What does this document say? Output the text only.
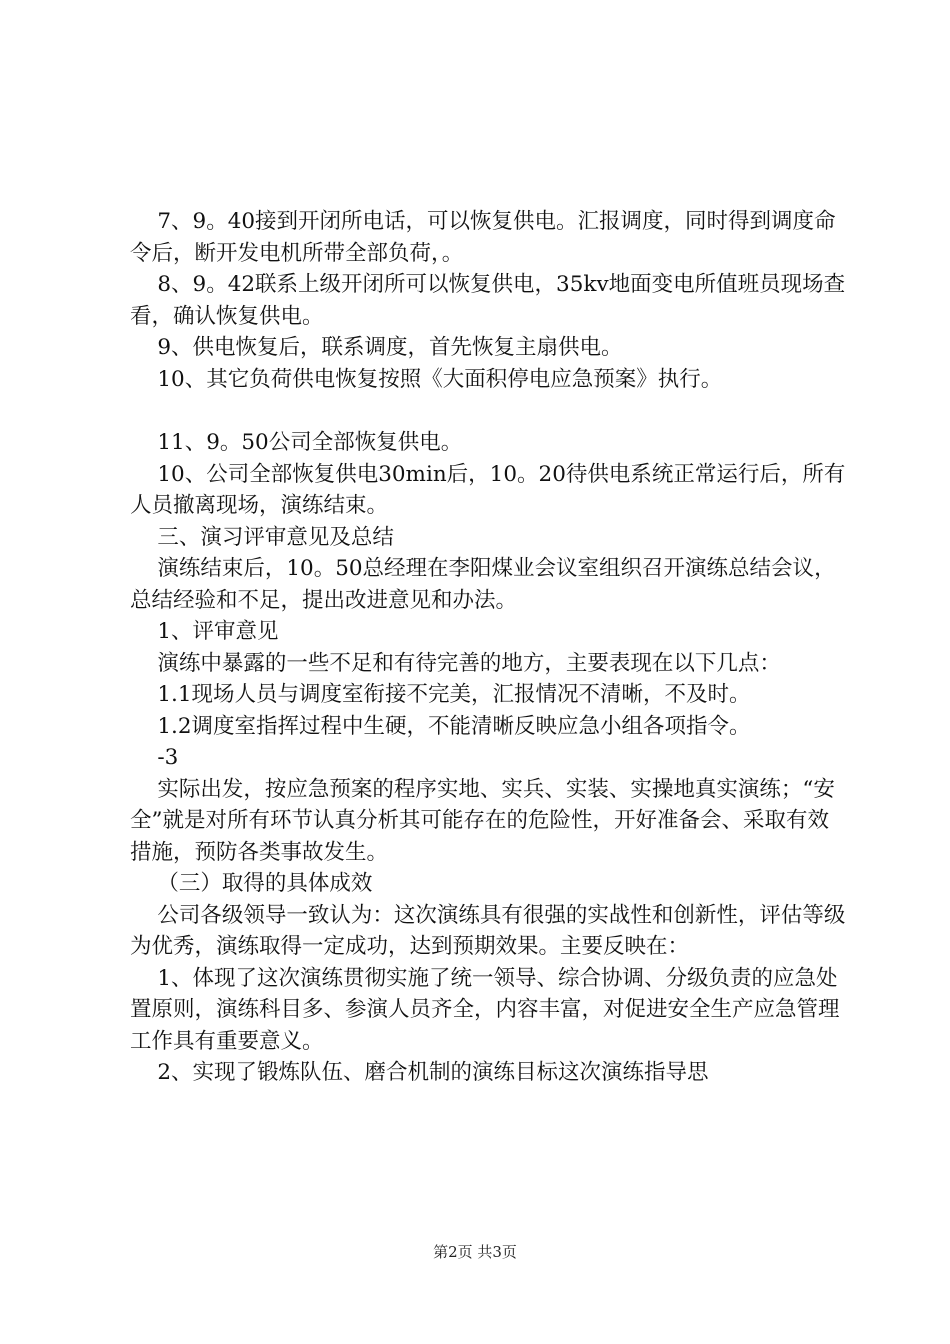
7、9。40接到开闭所电话，可以恢复供电。汇报调度，同时得到调度命令后，断开发电机所带全部负荷，。

8、9。42联系上级开闭所可以恢复供电，35kv地面变电所值班员现场查看，确认恢复供电。

9、供电恢复后，联系调度，首先恢复主扇供电。

10、其它负荷供电恢复按照《大面积停电应急预案》执行。

11、9。50公司全部恢复供电。

10、公司全部恢复供电30min后，10。20待供电系统正常运行后，所有人员撤离现场，演练结束。

三、演习评审意见及总结

演练结束后，10。50总经理在李阳煤业会议室组织召开演练总结会议，总结经验和不足，提出改进意见和办法。

1、评审意见

演练中暴露的一些不足和有待完善的地方，主要表现在以下几点：

1.1现场人员与调度室衔接不完美，汇报情况不清晰，不及时。

1.2调度室指挥过程中生硬，不能清晰反映应急小组各项指令。

-3

实际出发，按应急预案的程序实地、实兵、实装、实操地真实演练；“安全”就是对所有环节认真分析其可能存在的危险性，开好准备会、采取有效措施，预防各类事故发生。

（三）取得的具体成效

公司各级领导一致认为：这次演练具有很强的实战性和创新性，评估等级为优秀，演练取得一定成功，达到预期效果。主要反映在：

1、体现了这次演练贯彻实施了统一领导、综合协调、分级负责的应急处置原则，演练科目多、参演人员齐全，内容丰富，对促进安全生产应急管理工作具有重要意义。

2、实现了锻炼队伍、磨合机制的演练目标这次演练指导思

第2页 共3页
